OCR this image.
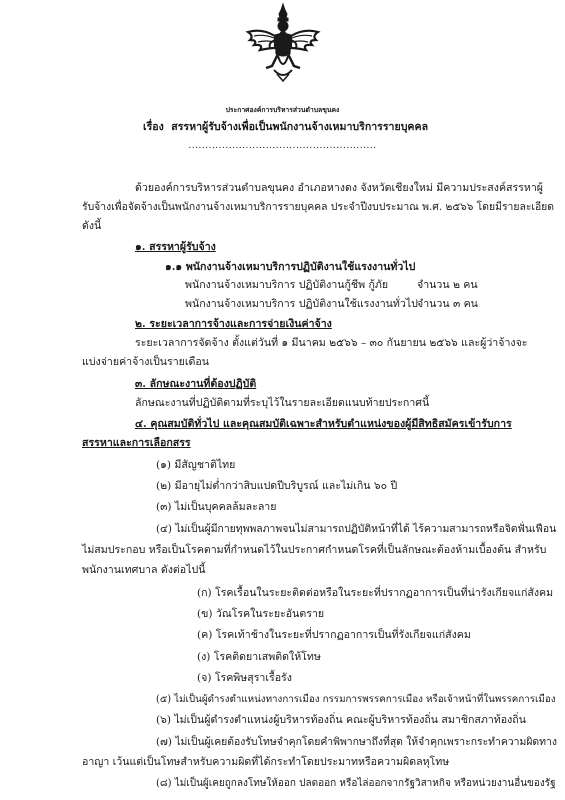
ประกาศองค์การบริหารส่วนตำบลขุนคง
เรื่อง สรรหาผู้รับจ้างเพื่อเป็นพนักงานจ้างเหมาบริการรายบุคคล
........................................................
ด้วยองค์การบริหารส่วนตำบลขุนคง อำเภอหางดง จังหวัดเชียงใหม่ มีความประสงค์สรรหาผู้
รับจ้างเพื่อจัดจ้างเป็นพนักงานจ้างเหมาบริการรายบุคคล ประจำปีงบประมาณ พ.ศ. ๒๕๖๖ โดยมีรายละเอียด
ดังนี้
๑. สรรหาผู้รับจ้าง
๑.๑ พนักงานจ้างเหมาบริการปฏิบัติงานใช้แรงงานทั่วไป
พนักงานจ้างเหมาบริการ ปฏิบัติงานกู้ชีพ กู้ภัย	จำนวน ๒ คน
พนักงานจ้างเหมาบริการ ปฏิบัติงานใช้แรงงานทั่วไป จำนวน ๓ คน
๒. ระยะเวลาการจ้างและการจ่ายเงินค่าจ้าง
ระยะเวลาการจัดจ้าง ตั้งแต่วันที่ ๑ มีนาคม ๒๕๖๖ – ๓๐ กันยายน ๒๕๖๖ และผู้ว่าจ้างจะ
แบ่งจ่ายค่าจ้างเป็นรายเดือน
๓. ลักษณะงานที่ต้องปฏิบัติ
ลักษณะงานที่ปฏิบัติตามที่ระบุไว้ในรายละเอียดแนบท้ายประกาศนี้
๔. คุณสมบัติทั่วไป และคุณสมบัติเฉพาะสำหรับตำแหน่งของผู้มีสิทธิสมัครเข้ารับการ
สรรหาและการเลือกสรร
(๑) มีสัญชาติไทย
(๒) มีอายุไม่ต่ำกว่าสิบแปดปีบริบูรณ์ และไม่เกิน ๖๐ ปี
(๓) ไม่เป็นบุคคลล้มละลาย
(๔) ไม่เป็นผู้มีกายทุพพลภาพจนไม่สามารถปฏิบัติหน้าที่ได้ ไร้ความสามารถหรือจิตฟั่นเฟือน
ไม่สมประกอบ หรือเป็นโรคตามที่กำหนดไว้ในประกาศกำหนดโรคที่เป็นลักษณะต้องห้ามเบื้องต้น สำหรับ
พนักงานเทศบาล ดังต่อไปนี้
(ก) โรคเรื้อนในระยะติดต่อหรือในระยะที่ปรากฏอาการเป็นที่น่ารังเกียจแก่สังคม
(ข) วัณโรคในระยะอันตราย
(ค) โรคเท้าช้างในระยะที่ปรากฏอาการเป็นที่รังเกียจแก่สังคม
(ง) โรคติดยาเสพติดให้โทษ
(จ) โรคพิษสุราเรื้อรัง
(๕) ไม่เป็นผู้ดำรงตำแหน่งทางการเมือง กรรมการพรรคการเมือง หรือเจ้าหน้าที่ในพรรคการเมือง
(๖) ไม่เป็นผู้ดำรงตำแหน่งผู้บริหารท้องถิ่น คณะผู้บริหารท้องถิ่น สมาชิกสภาท้องถิ่น
(๗) ไม่เป็นผู้เคยต้องรับโทษจำคุกโดยคำพิพากษาถึงที่สุด ให้จำคุกเพราะกระทำความผิดทาง
อาญา เว้นแต่เป็นโทษสำหรับความผิดที่ได้กระทำโดยประมาทหรือความผิดลหุโทษ
(๘) ไม่เป็นผู้เคยถูกลงโทษให้ออก ปลดออก หรือไล่ออกจากรัฐวิสาหกิจ หรือหน่วยงานอื่นของรัฐ
